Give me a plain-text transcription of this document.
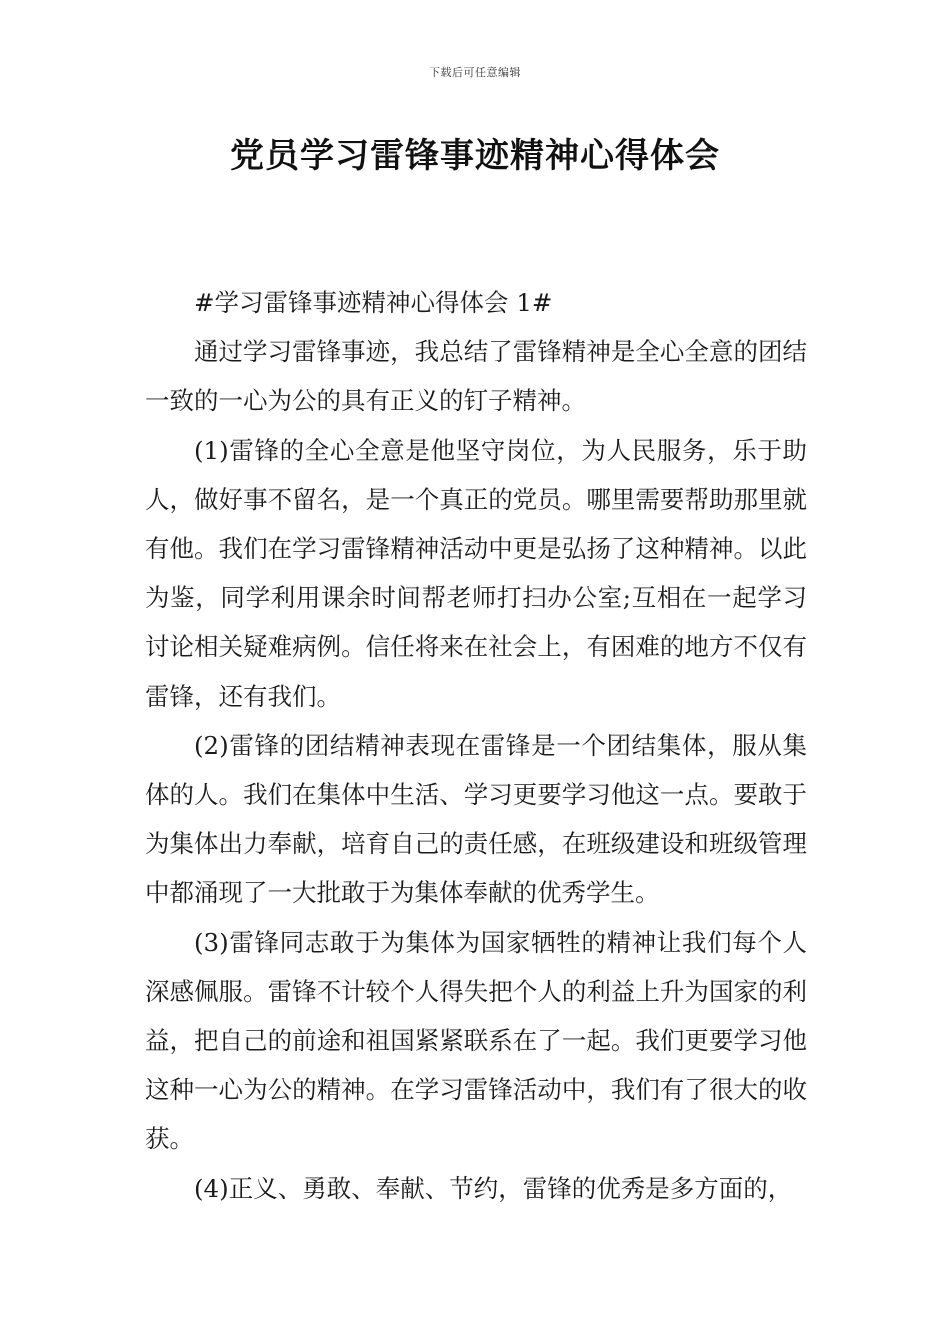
下载后可任意编辑
党员学习雷锋事迹精神心得体会

#学习雷锋事迹精神心得体会 1#

通过学习雷锋事迹，我总结了雷锋精神是全心全意的团结一致的一心为公的具有正义的钉子精神。

(1)雷锋的全心全意是他坚守岗位，为人民服务，乐于助人，做好事不留名，是一个真正的党员。哪里需要帮助那里就有他。我们在学习雷锋精神活动中更是弘扬了这种精神。以此为鉴，同学利用课余时间帮老师打扫办公室;互相在一起学习讨论相关疑难病例。信任将来在社会上，有困难的地方不仅有雷锋，还有我们。

(2)雷锋的团结精神表现在雷锋是一个团结集体，服从集体的人。我们在集体中生活、学习更要学习他这一点。要敢于为集体出力奉献，培育自己的责任感，在班级建设和班级管理中都涌现了一大批敢于为集体奉献的优秀学生。

(3)雷锋同志敢于为集体为国家牺牲的精神让我们每个人深感佩服。雷锋不计较个人得失把个人的利益上升为国家的利益，把自己的前途和祖国紧紧联系在了一起。我们更要学习他这种一心为公的精神。在学习雷锋活动中，我们有了很大的收获。

(4)正义、勇敢、奉献、节约，雷锋的优秀是多方面的，
